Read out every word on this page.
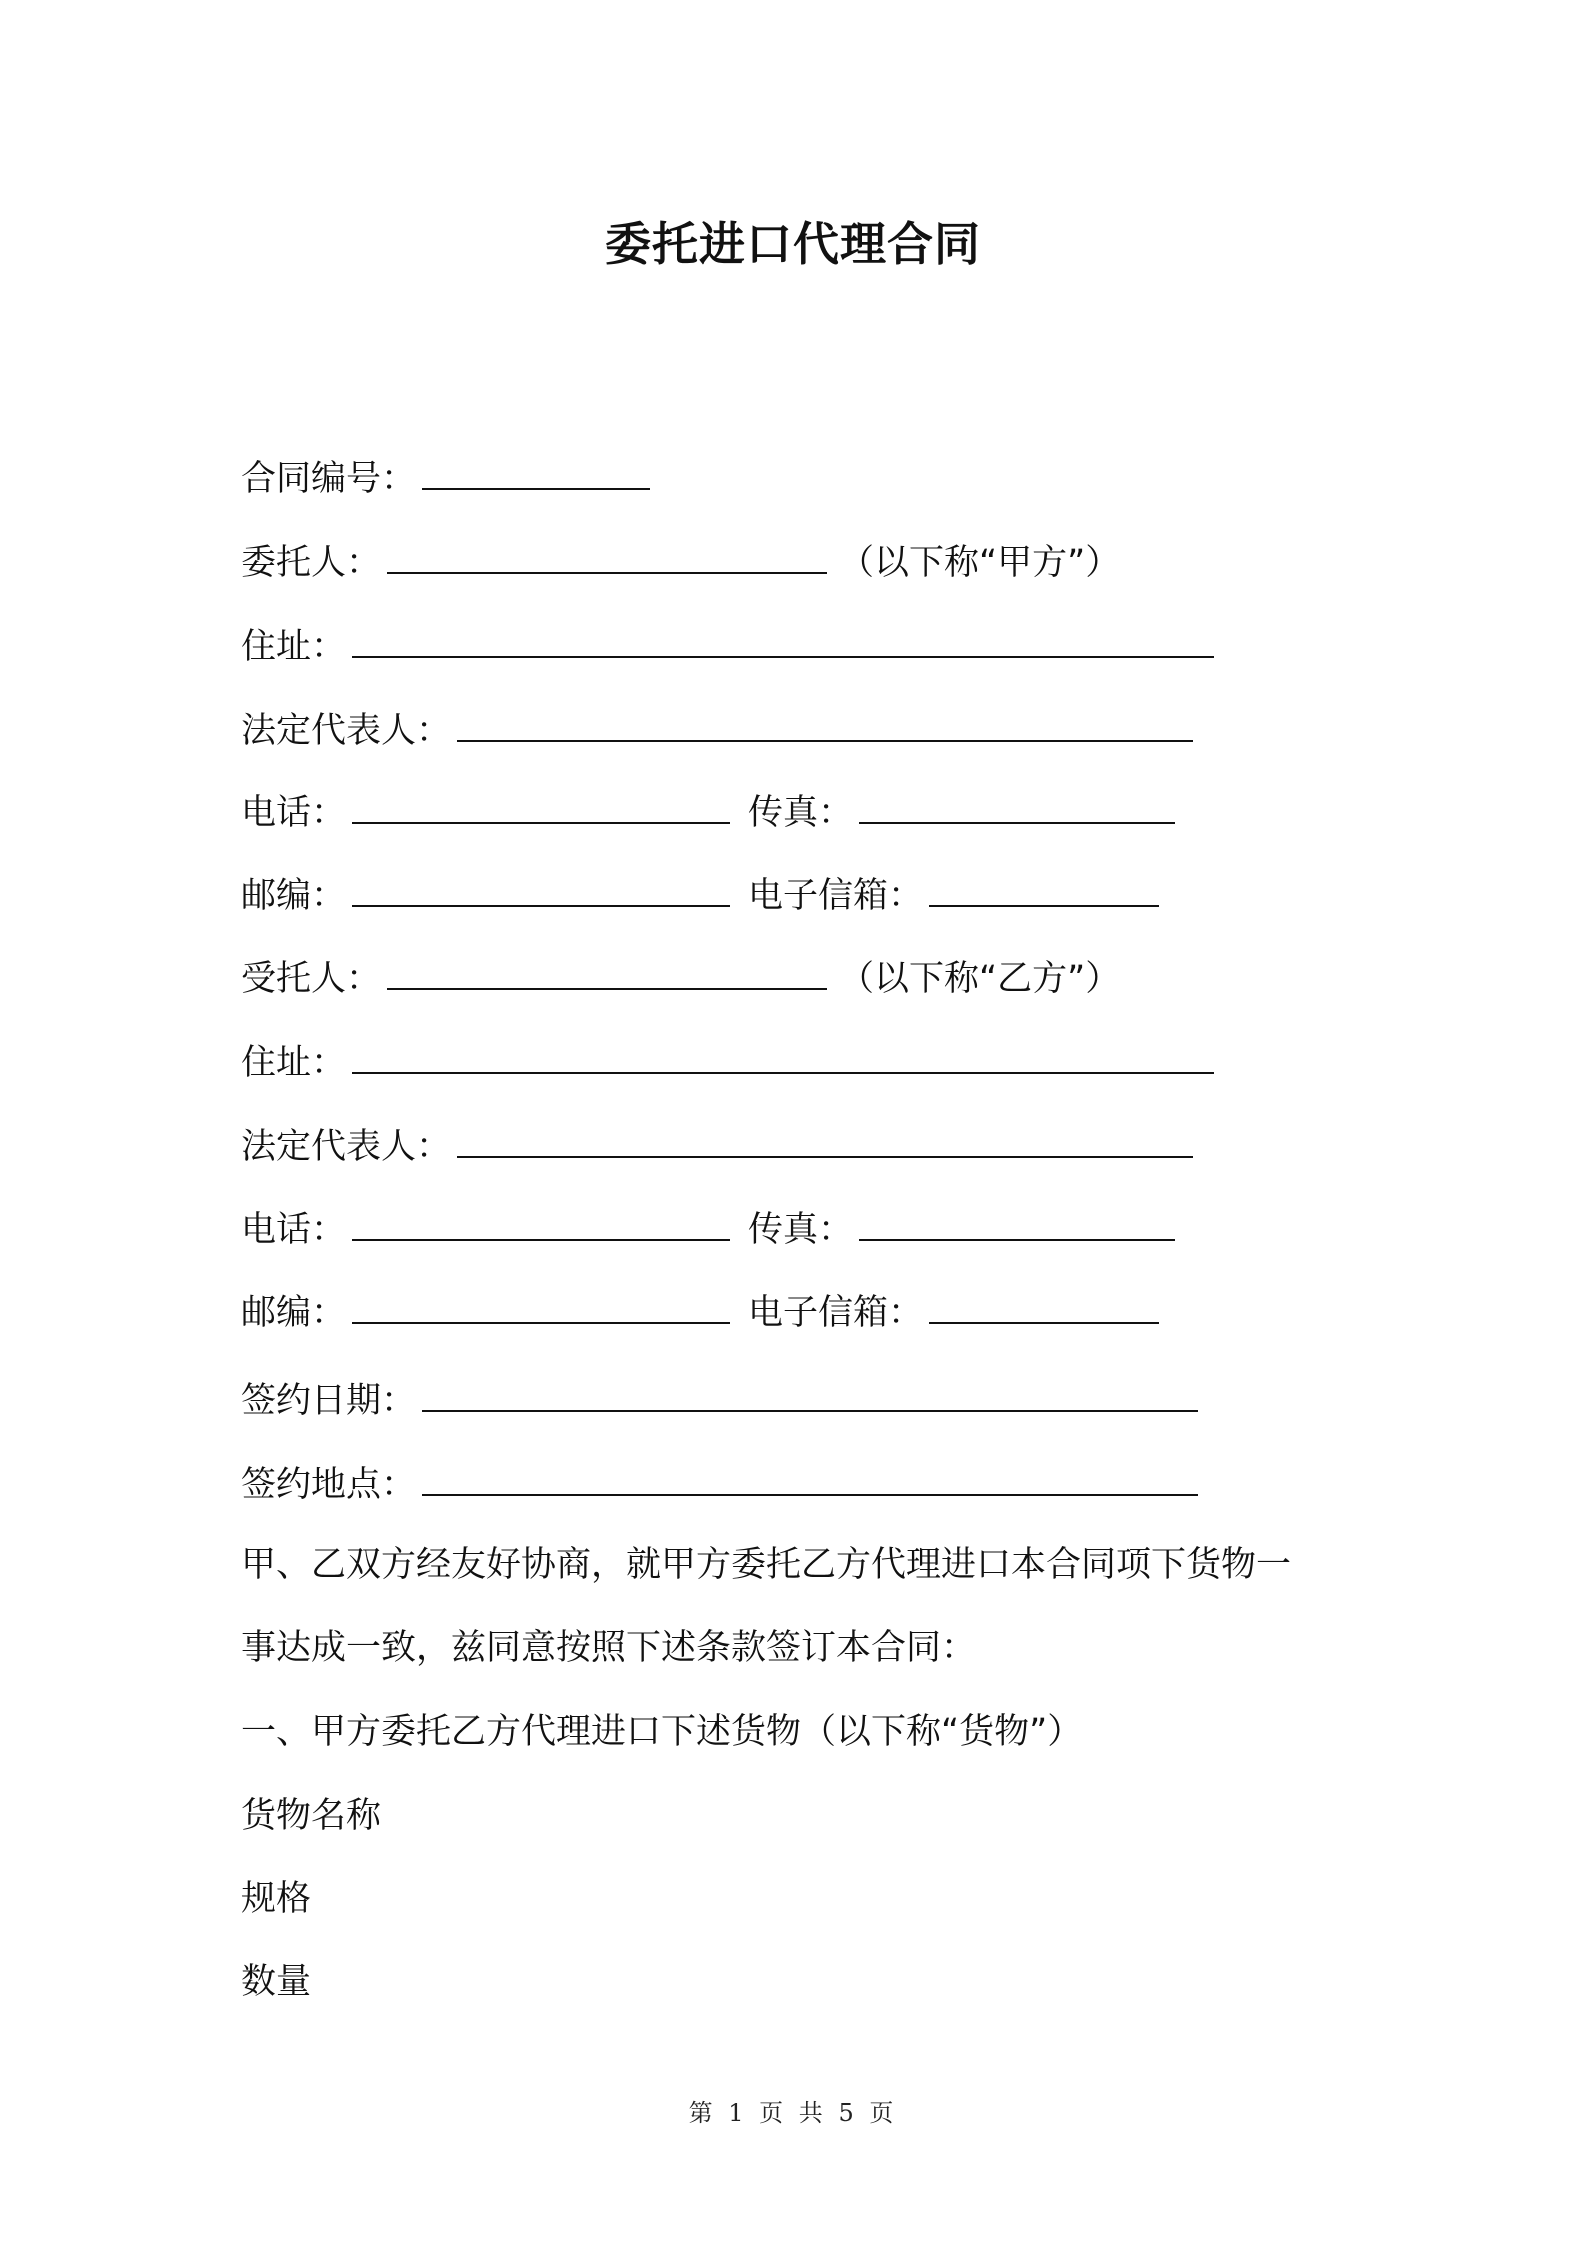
委托进口代理合同
合同编号：
委托人：	（以下称“甲方”）
住址：
法定代表人：
电话：	传真：
邮编：	电子信箱：
受托人：	（以下称“乙方”）
住址：
法定代表人：
电话：	传真：
邮编：	电子信箱：
签约日期：
签约地点：
甲、乙双方经友好协商，就甲方委托乙方代理进口本合同项下货物一
事达成一致，兹同意按照下述条款签订本合同：
一、甲方委托乙方代理进口下述货物（以下称“货物”）
货物名称
规格
数量
第 1 页 共 5 页
